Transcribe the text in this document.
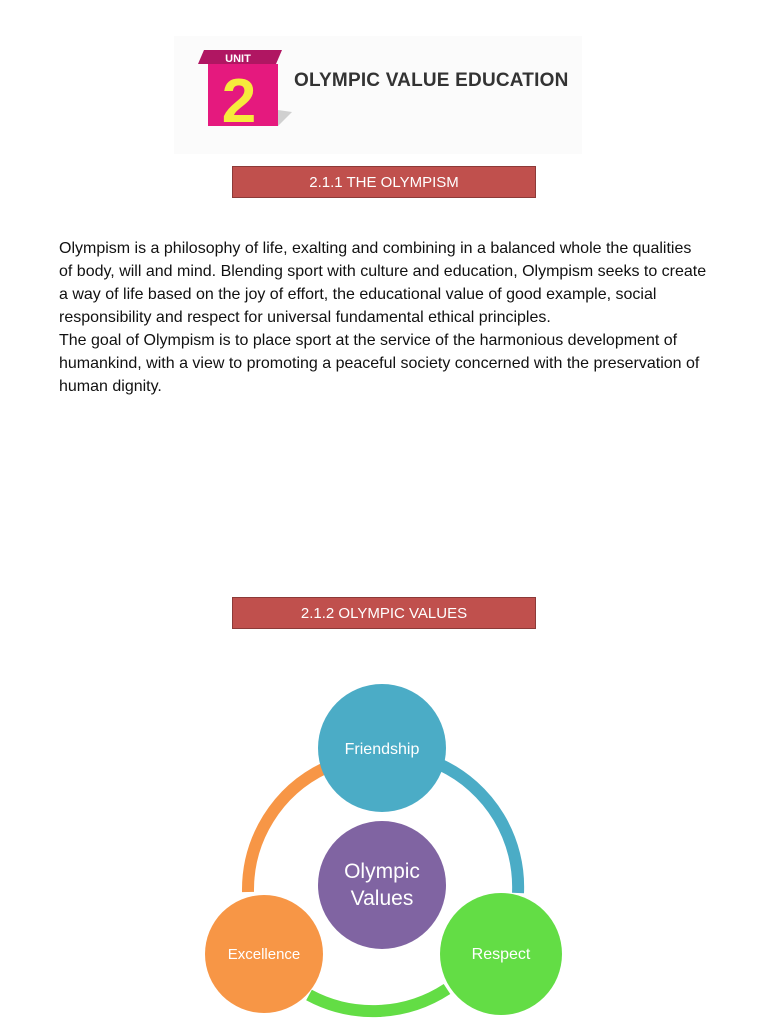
UNIT
2 OLYMPIC VALUE EDUCATION
2.1.1 THE OLYMPISM

Olympism is a philosophy of life, exalting and combining in a balanced whole the qualities of body, will and mind. Blending sport with culture and education, Olympism seeks to create a way of life based on the joy of effort, the educational value of good example, social responsibility and respect for universal fundamental ethical principles.

The goal of Olympism is to place sport at the service of the harmonious development of humankind, with a view to promoting a peaceful society concerned with the preservation of human dignity.

2.1.2 OLYMPIC VALUES
Friendship
Olympic
Values
Excellence	Respect
